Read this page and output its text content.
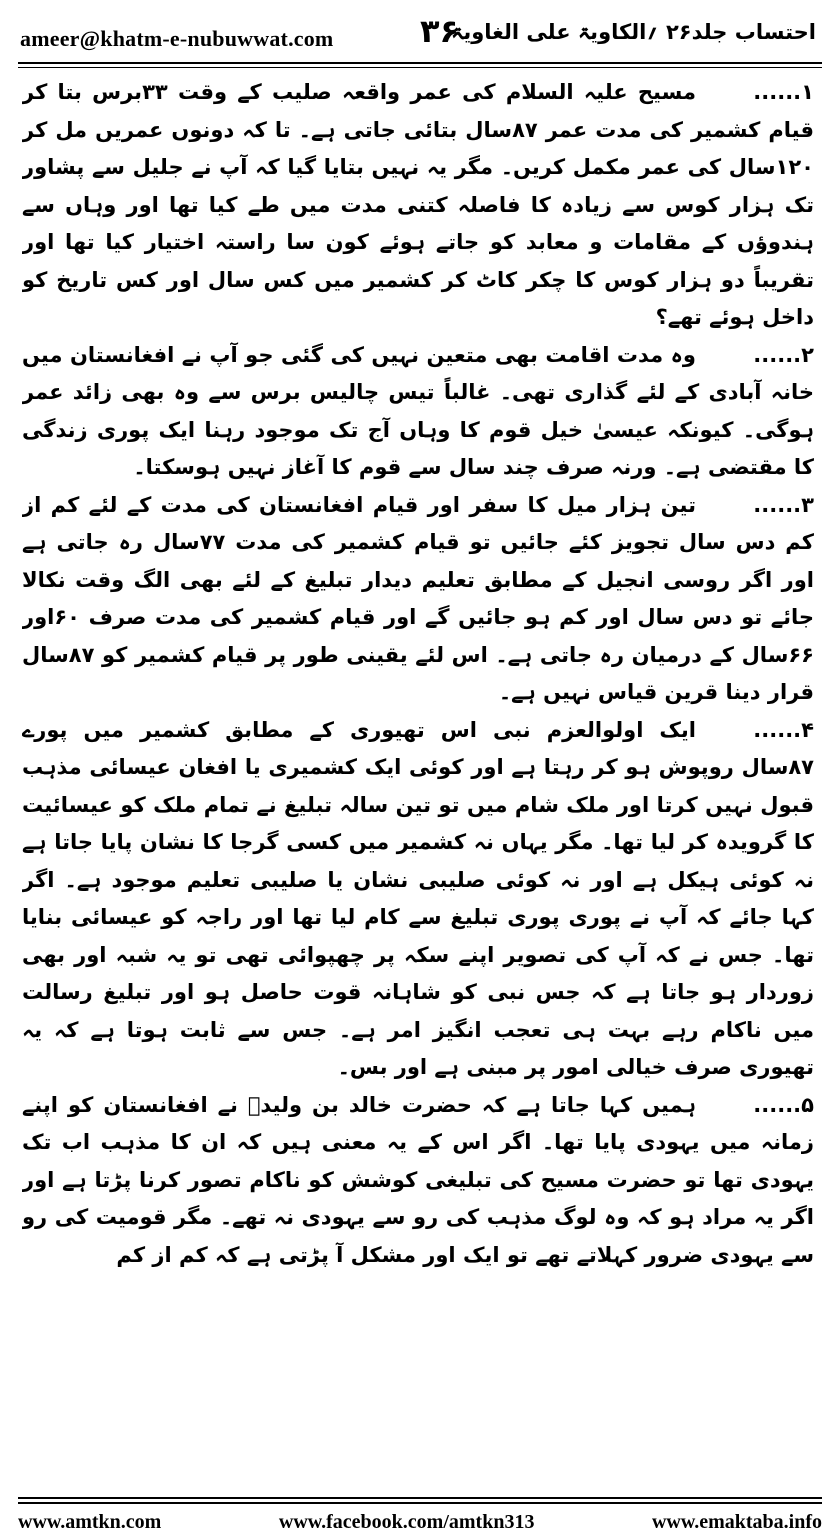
ameer@khatm-e-nubuwwat.com	۳۶
احتساب جلد۲۶ ؍الکاویۃ علی الغاویۃ

۱......مسیح علیہ السلام کی عمر واقعہ صلیب کے وقت ۳۳برس بتا کر قیام کشمیر کی مدت عمر ۸۷سال بتائی جاتی ہے۔ تا کہ دونوں عمریں مل کر ۱۲۰سال کی عمر مکمل کریں۔ مگر یہ نہیں بتایا گیا کہ آپ نے جلیل سے پشاور تک ہزار کوس سے زیادہ کا فاصلہ کتنی مدت میں طے کیا تھا اور وہاں سے ہندوؤں کے مقامات و معابد کو جاتے ہوئے کون سا راستہ اختیار کیا تھا اور تقریباً دو ہزار کوس کا چکر کاٹ کر کشمیر میں کس سال اور کس تاریخ کو داخل ہوئے تھے؟

۲......وہ مدت اقامت بھی متعین نہیں کی گئی جو آپ نے افغانستان میں خانہ آبادی کے لئے گذاری تھی۔ غالباً تیس چالیس برس سے وہ بھی زائد عمر ہوگی۔ کیونکہ عیسیٰ خیل قوم کا وہاں آج تک موجود رہنا ایک پوری زندگی کا مقتضی ہے۔ ورنہ صرف چند سال سے قوم کا آغاز نہیں ہوسکتا۔

۳......تین ہزار میل کا سفر اور قیام افغانستان کی مدت کے لئے کم از کم دس سال تجویز کئے جائیں تو قیام کشمیر کی مدت ۷۷سال رہ جاتی ہے اور اگر روسی انجیل کے مطابق تعلیم دیدار تبلیغ کے لئے بھی الگ وقت نکالا جائے تو دس سال اور کم ہو جائیں گے اور قیام کشمیر کی مدت صرف ۶۰اور ۶۶سال کے درمیان رہ جاتی ہے۔ اس لئے یقینی طور پر قیام کشمیر کو ۸۷سال قرار دینا قرین قیاس نہیں ہے۔

۴......ایک اولوالعزم نبی اس تھیوری کے مطابق کشمیر میں پورے ۸۷سال روپوش ہو کر رہتا ہے اور کوئی ایک کشمیری یا افغان عیسائی مذہب قبول نہیں کرتا اور ملک شام میں تو تین سالہ تبلیغ نے تمام ملک کو عیسائیت کا گرویدہ کر لیا تھا۔ مگر یہاں نہ کشمیر میں کسی گرجا کا نشان پایا جاتا ہے نہ کوئی ہیکل ہے اور نہ کوئی صلیبی نشان یا صلیبی تعلیم موجود ہے۔ اگر کہا جائے کہ آپ نے پوری پوری تبلیغ سے کام لیا تھا اور راجہ کو عیسائی بنایا تھا۔ جس نے کہ آپ کی تصویر اپنے سکہ پر چھپوائی تھی تو یہ شبہ اور بھی زوردار ہو جاتا ہے کہ جس نبی کو شاہانہ قوت حاصل ہو اور تبلیغ رسالت میں ناکام رہے بہت ہی تعجب انگیز امر ہے۔ جس سے ثابت ہوتا ہے کہ یہ تھیوری صرف خیالی امور پر مبنی ہے اور بس۔

۵......ہمیں کہا جاتا ہے کہ حضرت خالد بن ولیدؓ نے افغانستان کو اپنے زمانہ میں یہودی پایا تھا۔ اگر اس کے یہ معنی ہیں کہ ان کا مذہب اب تک یہودی تھا تو حضرت مسیح کی تبلیغی کوشش کو ناکام تصور کرنا پڑتا ہے اور اگر یہ مراد ہو کہ وہ لوگ مذہب کی رو سے یہودی نہ تھے۔ مگر قومیت کی رو سے یہودی ضرور کہلاتے تھے تو ایک اور مشکل آ پڑتی ہے کہ کم از کم

www.amtkn.com	www.facebook.com/amtkn313	www.emaktaba.info
